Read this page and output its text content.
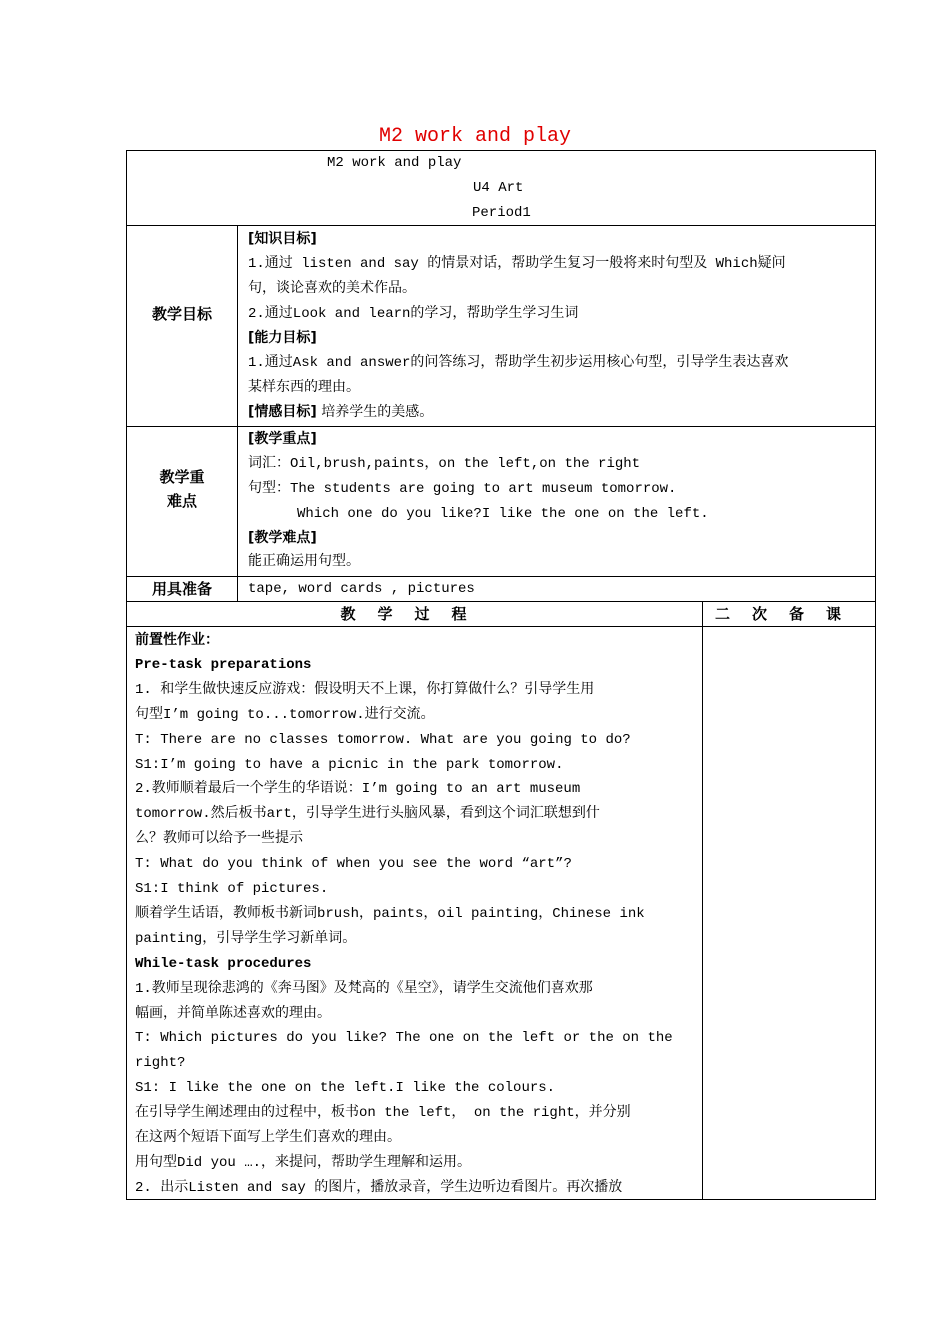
M2 work and play
M2 work and play
U4 Art
Period1
教学目标
[知识目标]
1.通过 listen and say 的情景对话，帮助学生复习一般将来时句型及 Which疑问
句，谈论喜欢的美术作品。
2.通过Look and learn的学习，帮助学生学习生词
[能力目标]
1.通过Ask and answer的问答练习，帮助学生初步运用核心句型，引导学生表达喜欢
某样东西的理由。
[情感目标] 培养学生的美感。
教学重
难点
[教学重点]
词汇：Oil,brush,paints，on the left,on the right
句型：The students are going to art museum tomorrow.
Which one do you like?I like the one on the left.
[教学难点]
能正确运用句型。
用具准备	tape, word cards , pictures
教学过程	二次备课
前置性作业：
Pre-task preparations
1. 和学生做快速反应游戏：假设明天不上课，你打算做什么？引导学生用
句型I’m going to...tomorrow.进行交流。
T: There are no classes tomorrow. What are you going to do?
S1:I’m going to have a picnic in the park tomorrow.
2.教师顺着最后一个学生的华语说：I’m going to an art museum
tomorrow.然后板书art，引导学生进行头脑风暴，看到这个词汇联想到什
么？教师可以给予一些提示
T: What do you think of when you see the word “art”?
S1:I think of pictures.
顺着学生话语，教师板书新词brush，paints，oil painting，Chinese ink
painting，引导学生学习新单词。
While-task procedures
1.教师呈现徐悲鸿的《奔马图》及梵高的《星空》，请学生交流他们喜欢那
幅画，并简单陈述喜欢的理由。
T: Which pictures do you like? The one on the left or the on the
right?
S1: I like the one on the left.I like the colours.
在引导学生阐述理由的过程中，板书on the left， on the right，并分别
在这两个短语下面写上学生们喜欢的理由。
用句型Did you ….，来提问，帮助学生理解和运用。
2. 出示Listen and say 的图片，播放录音，学生边听边看图片。再次播放
